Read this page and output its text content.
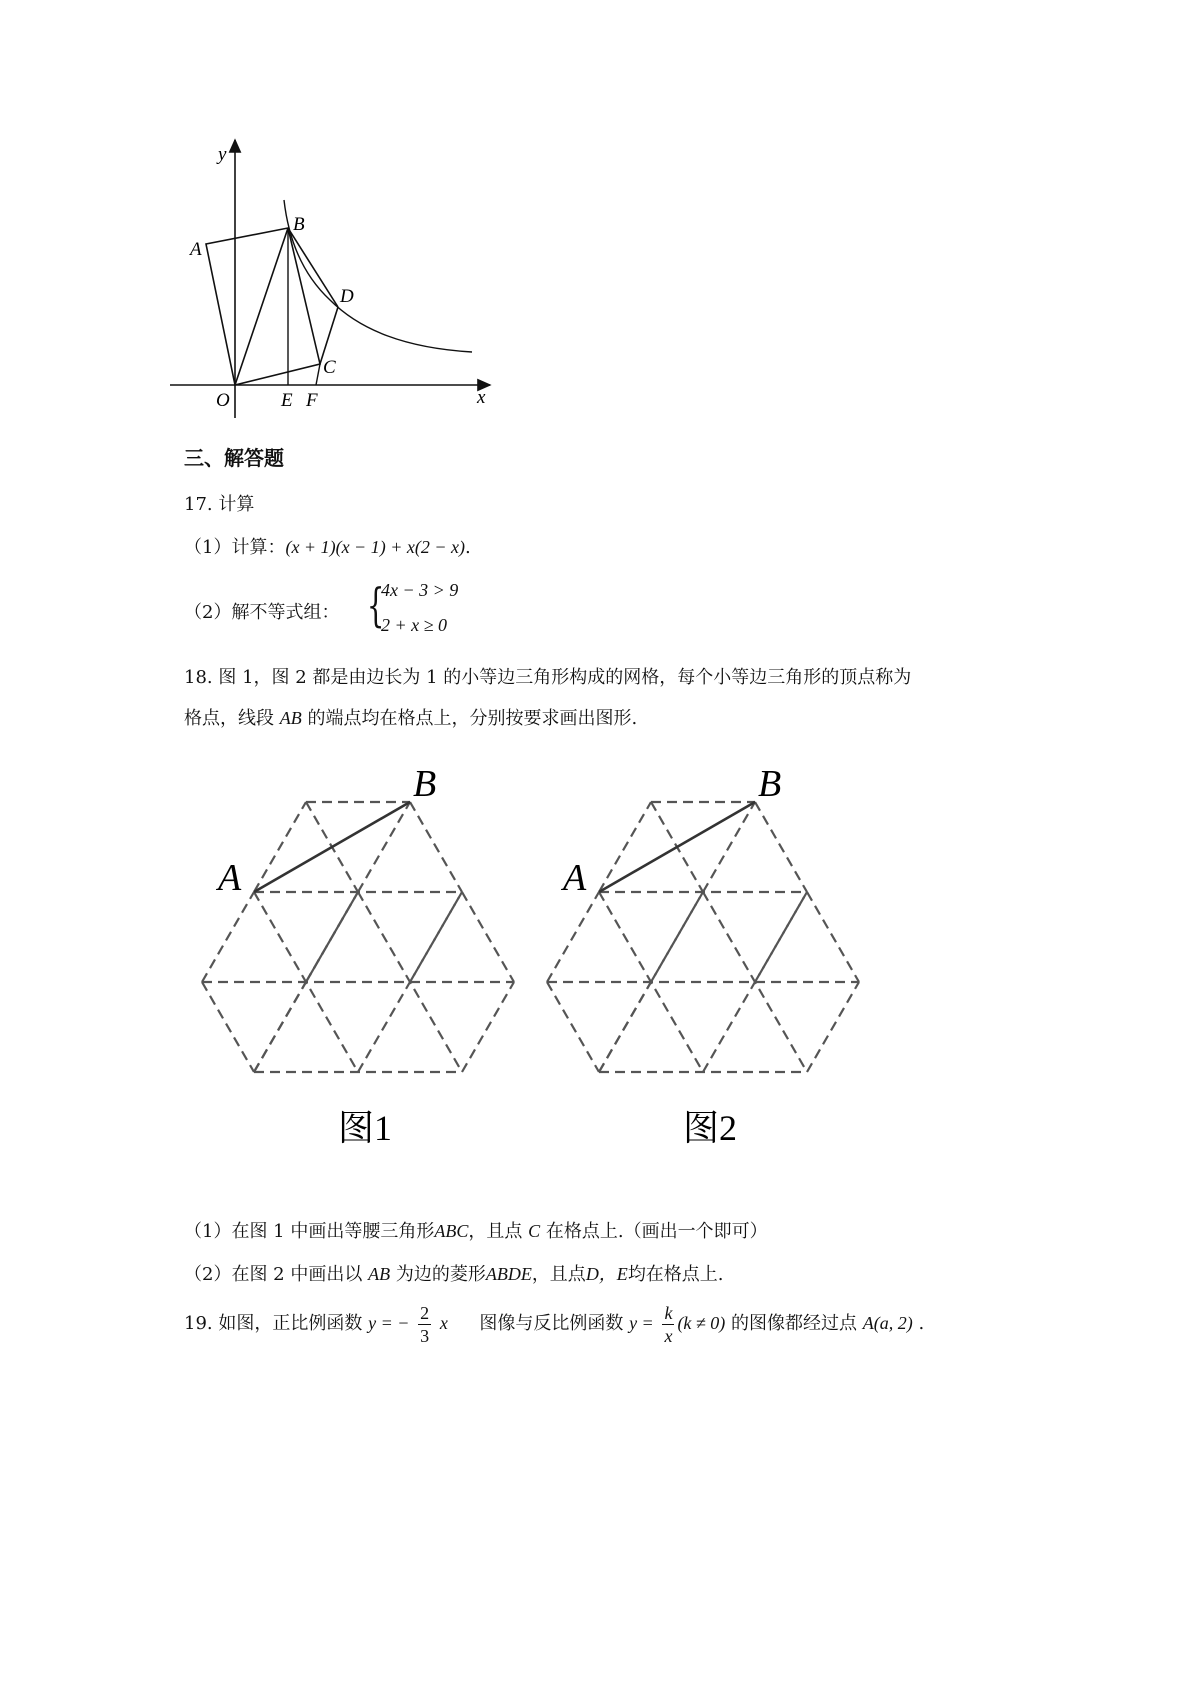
y
x
O
A
B
C
D
E F
三、解答题
17. 计算
（1）计算：(x + 1)(x − 1) + x(2 − x).
（2）解不等式组： {
4x − 3 > 9
2 + x ≥ 0
18. 图 1，图 2 都是由边长为 1 的小等边三角形构成的网格，每个小等边三角形的顶点称为
格点，线段 AB 的端点均在格点上，分别按要求画出图形.
A
B
图1
A
B
图2
（1）在图 1 中画出等腰三角形ABC，且点 C 在格点上.（画出一个即可）
（2）在图 2 中画出以 AB 为边的菱形ABDE，且点D，E均在格点上.
19. 如图，正比例函数 y = − $\frac{2}{3}$ x 图像与反比例函数 $y = \frac{k}{x} (k \ne 0)$ 的图像都经过点 A(a, 2) .
